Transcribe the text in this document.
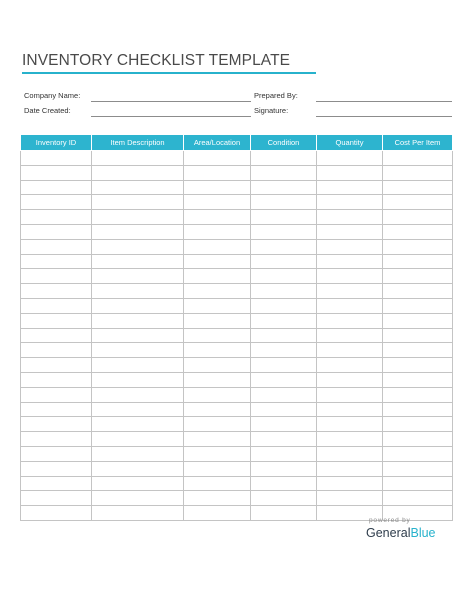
INVENTORY CHECKLIST TEMPLATE
Company Name:	Prepared By:
Date Created:	Signature:
Inventory ID	Item Description	Area/Location	Condition	Quantity	Cost Per Item

powered by
GeneralBlue
